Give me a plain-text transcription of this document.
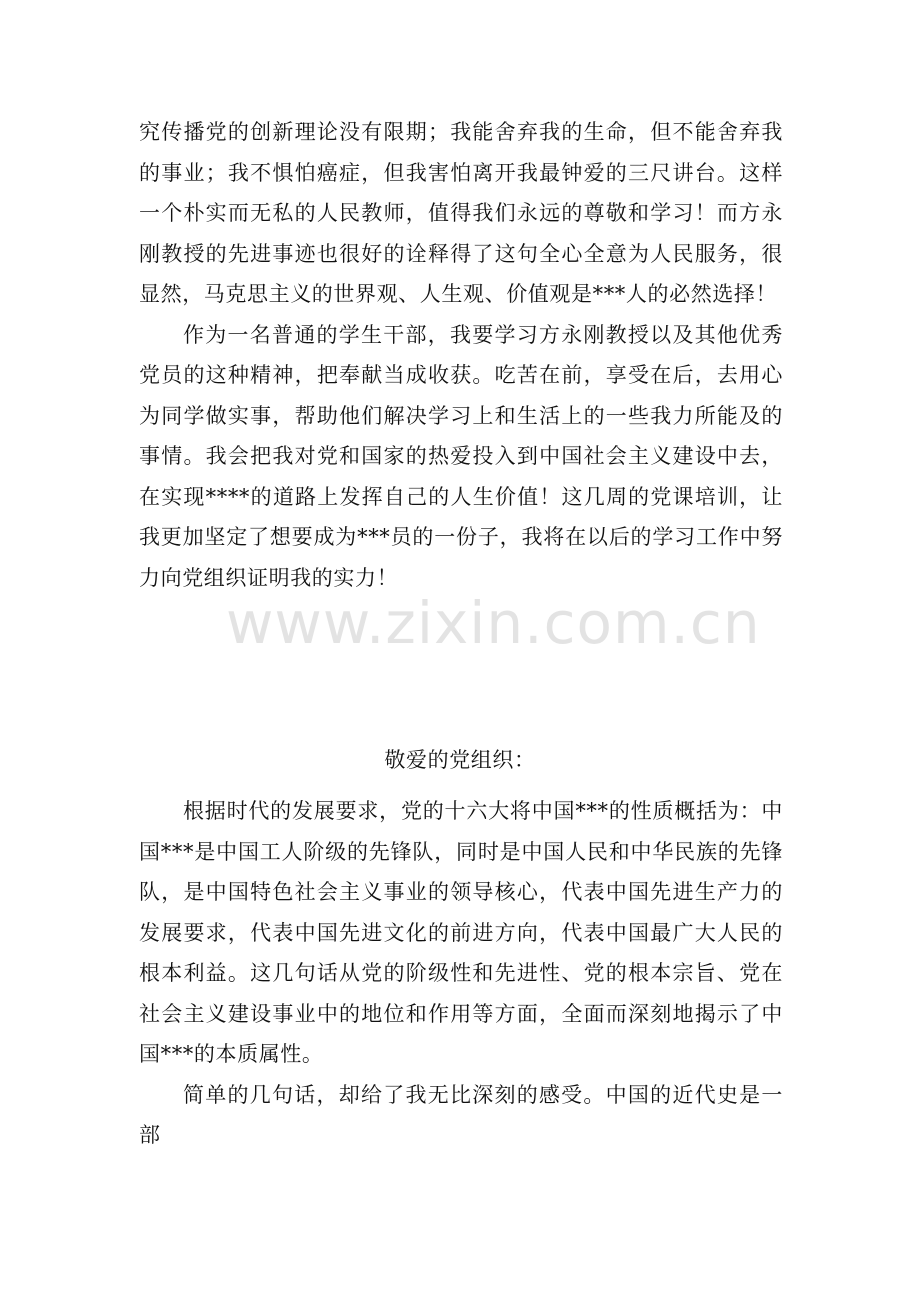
究传播党的创新理论没有限期；我能舍弃我的生命，但不能舍弃我的事业；我不惧怕癌症，但我害怕离开我最钟爱的三尺讲台。这样一个朴实而无私的人民教师，值得我们永远的尊敬和学习！而方永刚教授的先进事迹也很好的诠释得了这句全心全意为人民服务，很显然，马克思主义的世界观、人生观、价值观是***人的必然选择！

作为一名普通的学生干部，我要学习方永刚教授以及其他优秀党员的这种精神，把奉献当成收获。吃苦在前，享受在后，去用心为同学做实事，帮助他们解决学习上和生活上的一些我力所能及的事情。我会把我对党和国家的热爱投入到中国社会主义建设中去，在实现****的道路上发挥自己的人生价值！这几周的党课培训，让我更加坚定了想要成为***员的一份子，我将在以后的学习工作中努力向党组织证明我的实力！

敬爱的党组织：

根据时代的发展要求，党的十六大将中国***的性质概括为：中国***是中国工人阶级的先锋队，同时是中国人民和中华民族的先锋队，是中国特色社会主义事业的领导核心，代表中国先进生产力的发展要求，代表中国先进文化的前进方向，代表中国最广大人民的根本利益。这几句话从党的阶级性和先进性、党的根本宗旨、党在社会主义建设事业中的地位和作用等方面，全面而深刻地揭示了中国***的本质属性。

简单的几句话，却给了我无比深刻的感受。中国的近代史是一部

www.zixin.com.cn
